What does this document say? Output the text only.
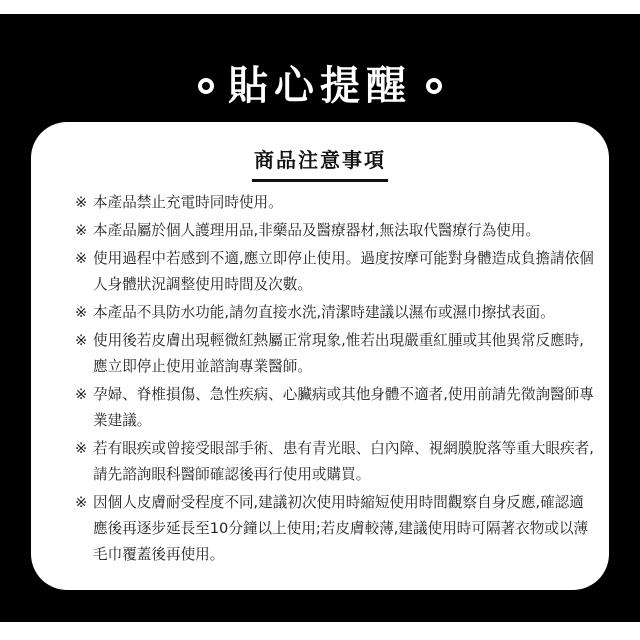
貼心提醒
商品注意事項
※ 本產品禁止充電時同時使用。
※ 本產品屬於個人護理用品,非藥品及醫療器材,無法取代醫療行為使用。
※ 使用過程中若感到不適,應立即停止使用。過度按摩可能對身體造成負擔請依個人身體狀況調整使用時間及次數。
※ 本產品不具防水功能,請勿直接水洗,清潔時建議以濕布或濕巾擦拭表面。
※ 使用後若皮膚出現輕微紅熱屬正常現象,惟若出現嚴重紅腫或其他異常反應時,應立即停止使用並諮詢專業醫師。
※ 孕婦、脊椎損傷、急性疾病、心臟病或其他身體不適者,使用前請先徵詢醫師專業建議。
※ 若有眼疾或曾接受眼部手術、患有青光眼、白內障、視網膜脫落等重大眼疾者,請先諮詢眼科醫師確認後再行使用或購買。
※ 因個人皮膚耐受程度不同,建議初次使用時縮短使用時間觀察自身反應,確認適應後再逐步延長至10分鐘以上使用;若皮膚較薄,建議使用時可隔著衣物或以薄毛巾覆蓋後再使用。
